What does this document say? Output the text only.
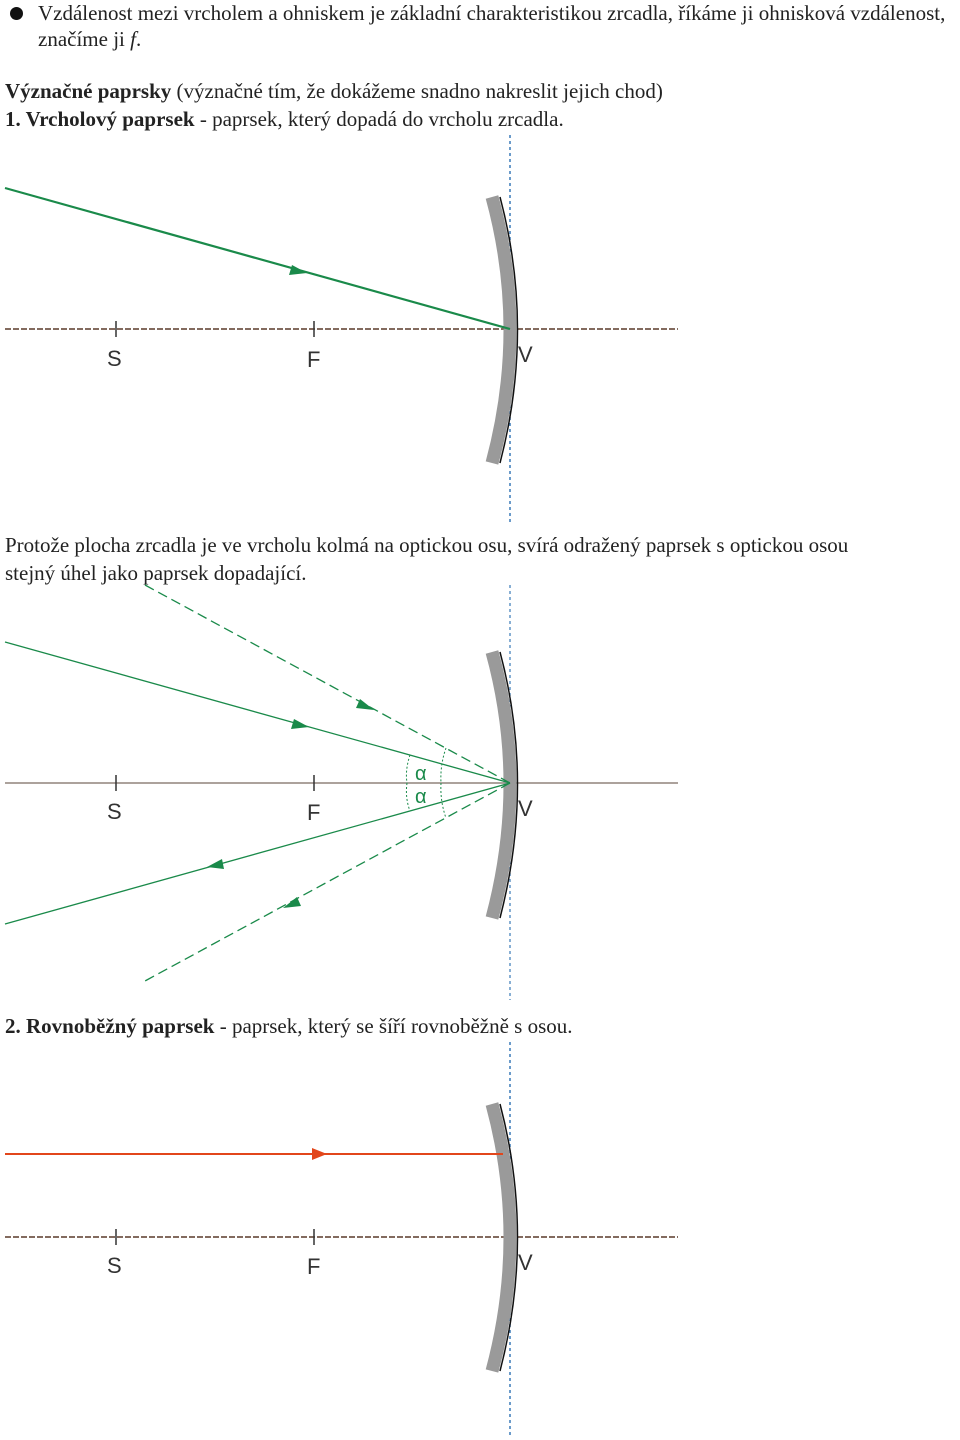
Vzdálenost mezi vrcholem a ohniskem je základní charakteristikou zrcadla, říkáme ji ohnisková vzdálenost, značíme ji f.
Význačné paprsky (význačné tím, že dokážeme snadno nakreslit jejich chod)
1. Vrcholový paprsek - paprsek, který dopadá do vrcholu zrcadla.
S	F	V
Protože plocha zrcadla je ve vrcholu kolmá na optickou osu, svírá odražený paprsek s optickou osou
stejný úhel jako paprsek dopadající.
α
α
S	F	V
2. Rovnoběžný paprsek - paprsek, který se šíří rovnoběžně s osou.
S	F	V
